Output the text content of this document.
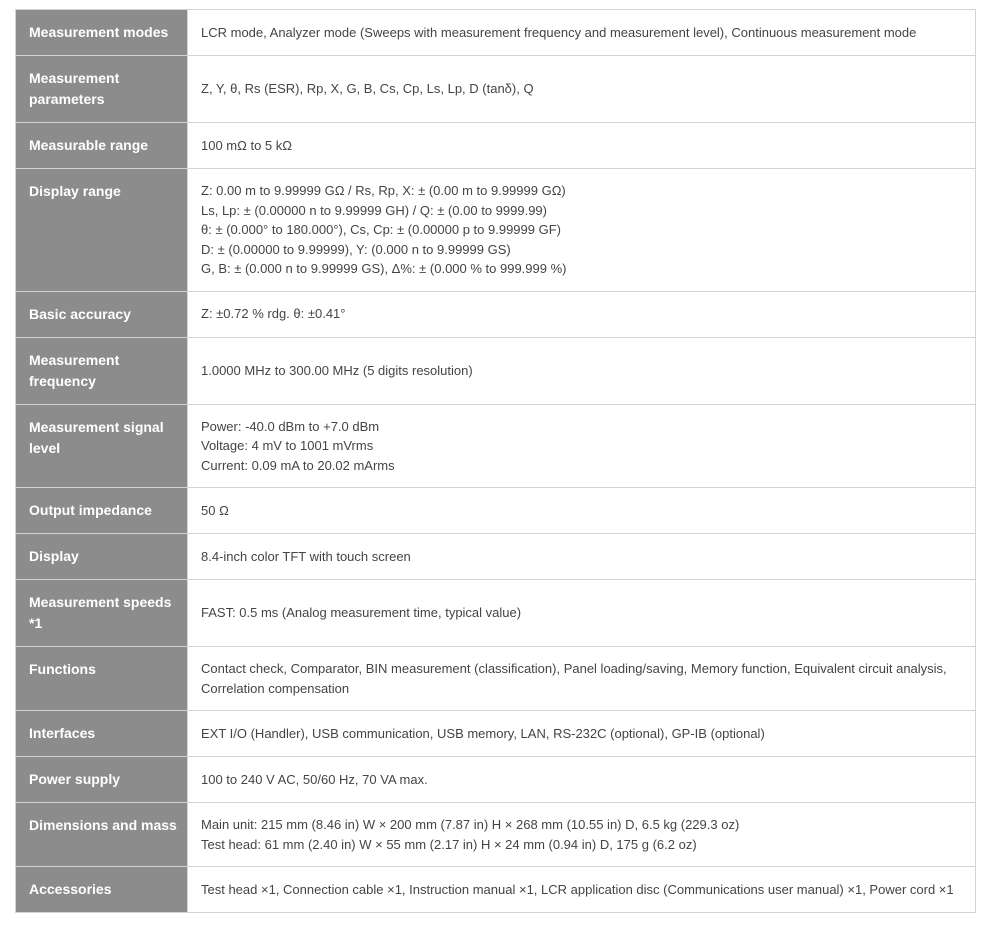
Measurement modes	LCR mode, Analyzer mode (Sweeps with measurement frequency and measurement level), Continuous measurement mode

Measurement parameters	Z, Y, θ, Rs (ESR), Rp, X, G, B, Cs, Cp, Ls, Lp, D (tanδ), Q

Measurable range	100 mΩ to 5 kΩ

Display range	Z: 0.00 m to 9.99999 GΩ / Rs, Rp, X: ± (0.00 m to 9.99999 GΩ)
Ls, Lp: ± (0.00000 n to 9.99999 GH) / Q: ± (0.00 to 9999.99)
θ: ± (0.000° to 180.000°), Cs, Cp: ± (0.00000 p to 9.99999 GF)
D: ± (0.00000 to 9.99999), Y: (0.000 n to 9.99999 GS)
G, B: ± (0.000 n to 9.99999 GS), Δ%: ± (0.000 % to 999.999 %)

Basic accuracy	Z: ±0.72 % rdg. θ: ±0.41°

Measurement frequency	1.0000 MHz to 300.00 MHz (5 digits resolution)

Measurement signal level	Power: -40.0 dBm to +7.0 dBm
Voltage: 4 mV to 1001 mVrms
Current: 0.09 mA to 20.02 mArms

Output impedance	50 Ω

Display	8.4-inch color TFT with touch screen

Measurement speeds *1	FAST: 0.5 ms (Analog measurement time, typical value)

Functions	Contact check, Comparator, BIN measurement (classification), Panel loading/saving, Memory function, Equivalent circuit analysis, Correlation compensation

Interfaces	EXT I/O (Handler), USB communication, USB memory, LAN, RS-232C (optional), GP-IB (optional)

Power supply	100 to 240 V AC, 50/60 Hz, 70 VA max.

Dimensions and mass	Main unit: 215 mm (8.46 in) W × 200 mm (7.87 in) H × 268 mm (10.55 in) D, 6.5 kg (229.3 oz)
Test head: 61 mm (2.40 in) W × 55 mm (2.17 in) H × 24 mm (0.94 in) D, 175 g (6.2 oz)

Accessories	Test head ×1, Connection cable ×1, Instruction manual ×1, LCR application disc (Communications user manual) ×1, Power cord ×1
